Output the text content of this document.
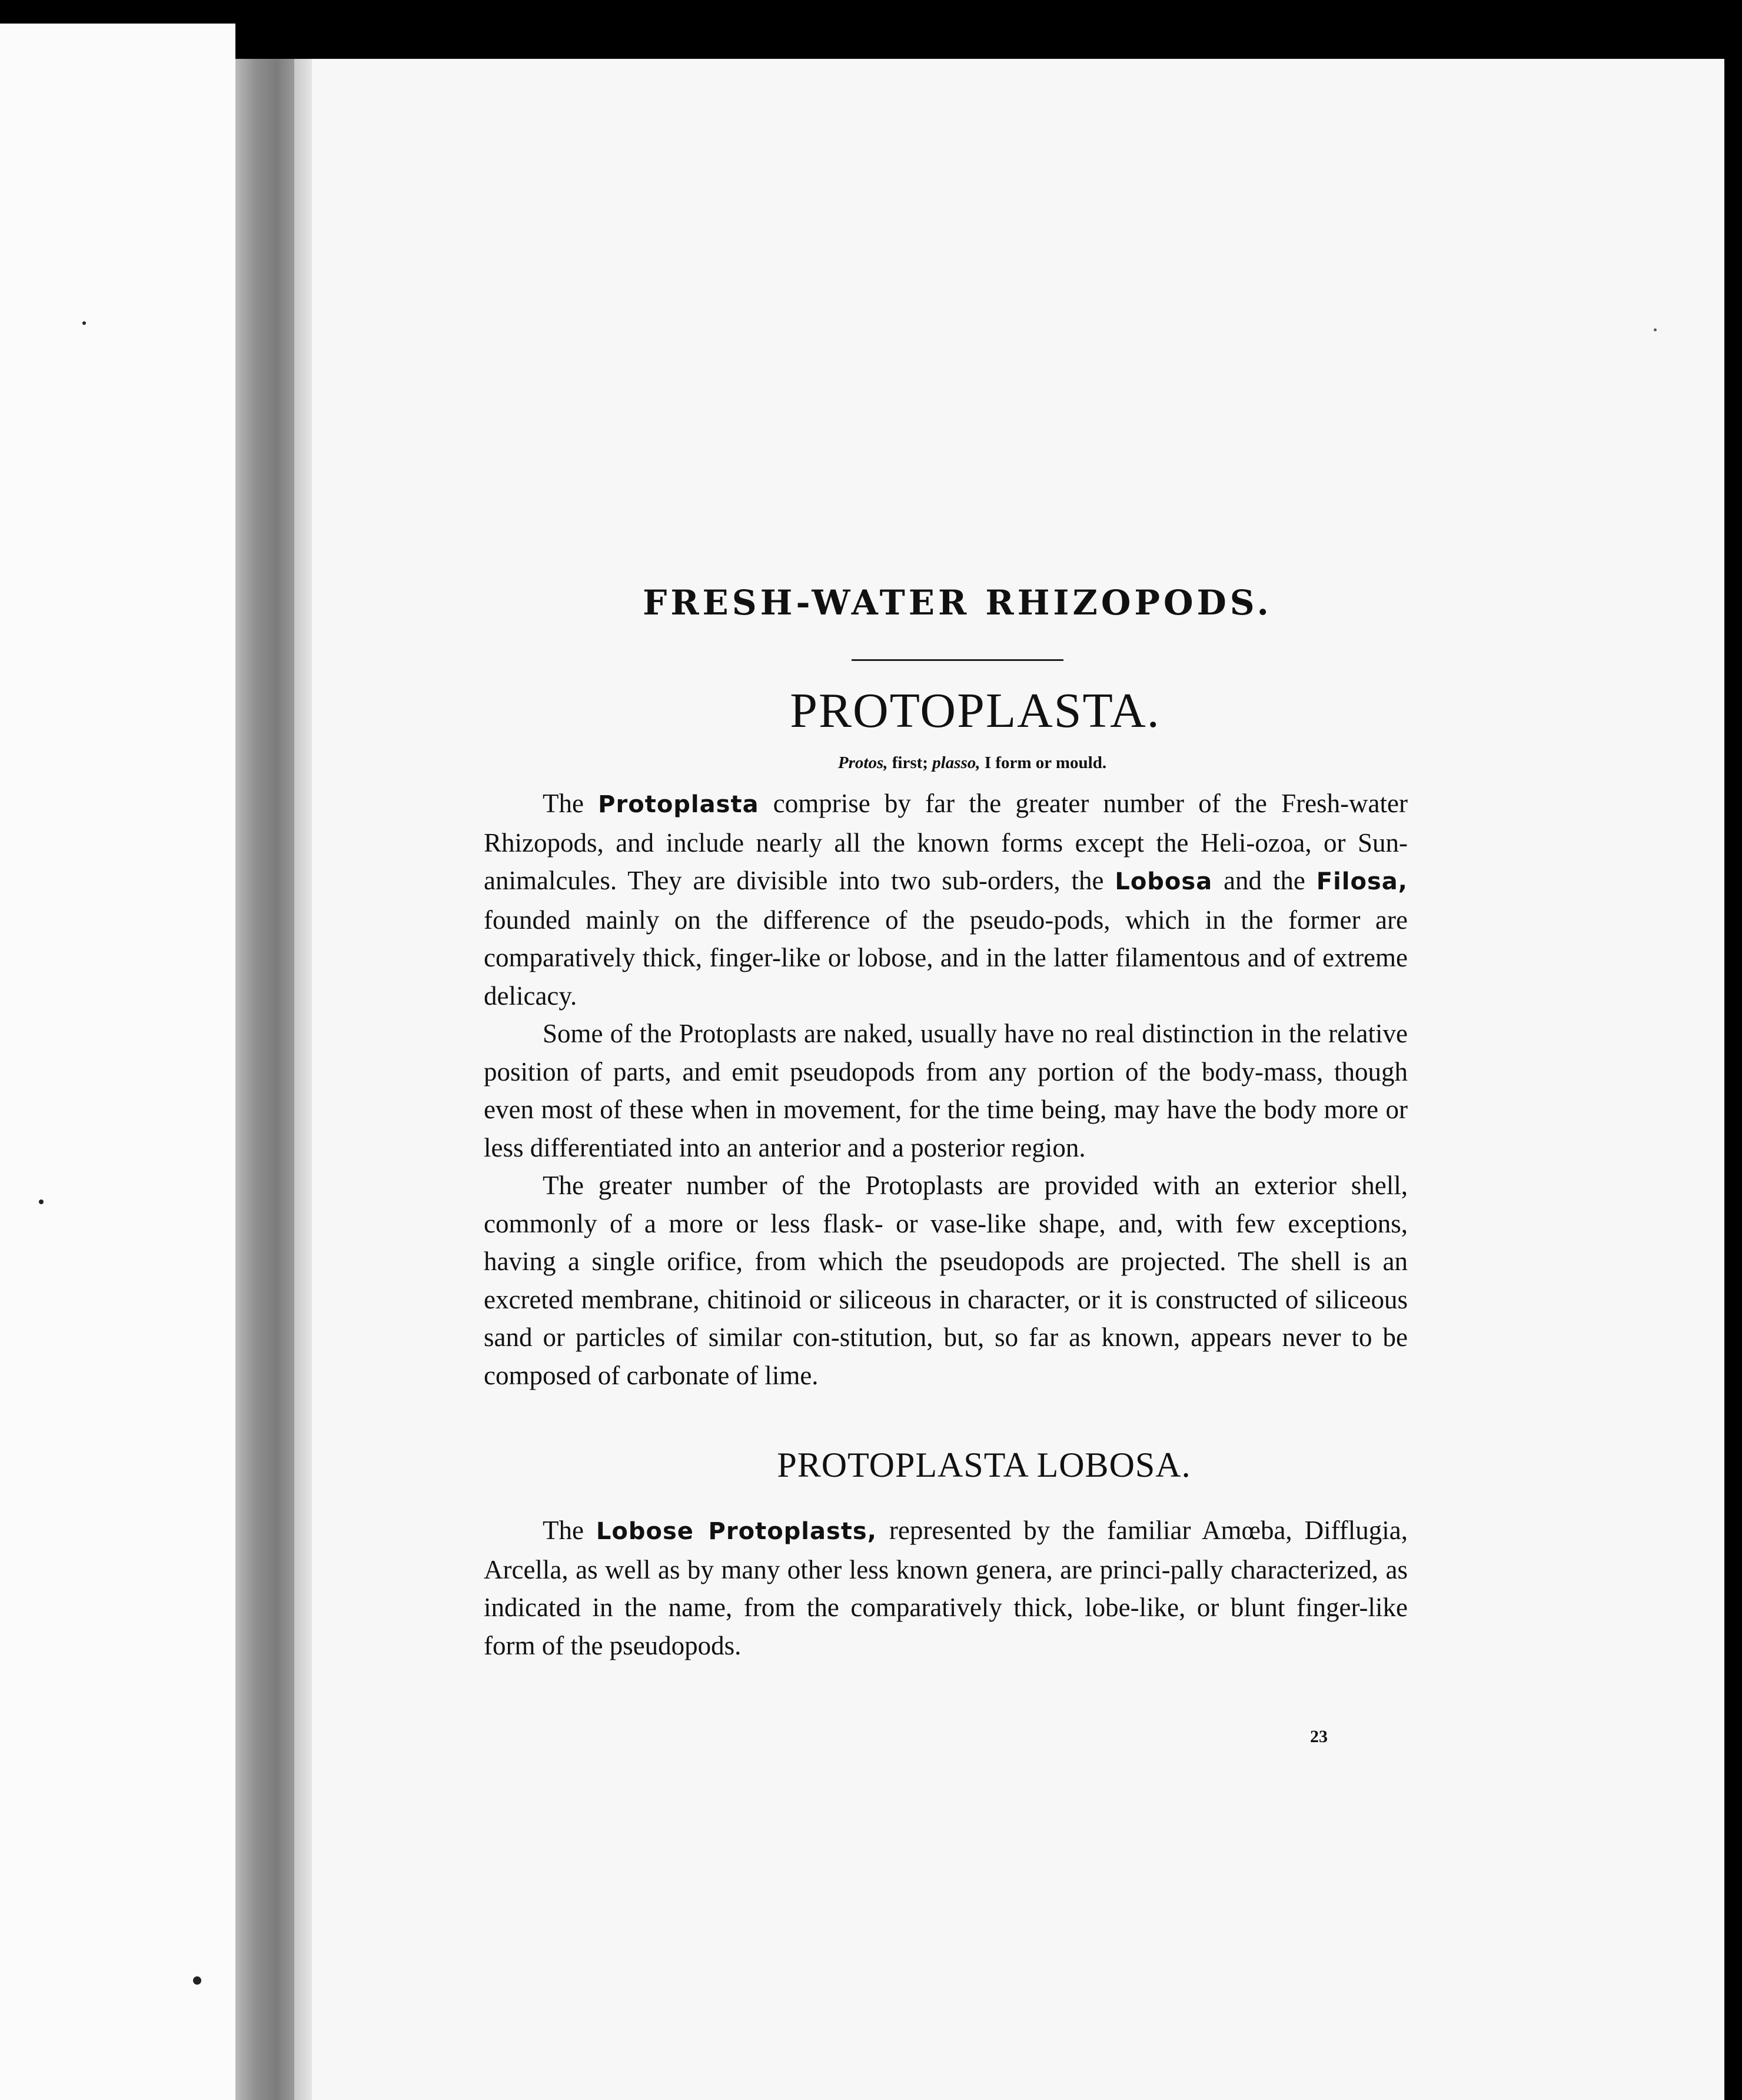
FRESH-WATER RHIZOPODS.
PROTOPLASTA.

Protos, first; plasso, I form or mould.

The Protoplasta comprise by far the greater number of the Fresh-water Rhizopods, and include nearly all the known forms except the Heli-ozoa, or Sun-animalcules. They are divisible into two sub-orders, the Lobosa and the Filosa, founded mainly on the difference of the pseudo-pods, which in the former are comparatively thick, finger-like or lobose, and in the latter filamentous and of extreme delicacy.

Some of the Protoplasts are naked, usually have no real distinction in the relative position of parts, and emit pseudopods from any portion of the body-mass, though even most of these when in movement, for the time being, may have the body more or less differentiated into an anterior and a posterior region.

The greater number of the Protoplasts are provided with an exterior shell, commonly of a more or less flask- or vase-like shape, and, with few exceptions, having a single orifice, from which the pseudopods are projected. The shell is an excreted membrane, chitinoid or siliceous in character, or it is constructed of siliceous sand or particles of similar con-stitution, but, so far as known, appears never to be composed of carbonate of lime.

PROTOPLASTA LOBOSA.

The Lobose Protoplasts, represented by the familiar Amœba, Difflugia, Arcella, as well as by many other less known genera, are princi-pally characterized, as indicated in the name, from the comparatively thick, lobe-like, or blunt finger-like form of the pseudopods.

23
